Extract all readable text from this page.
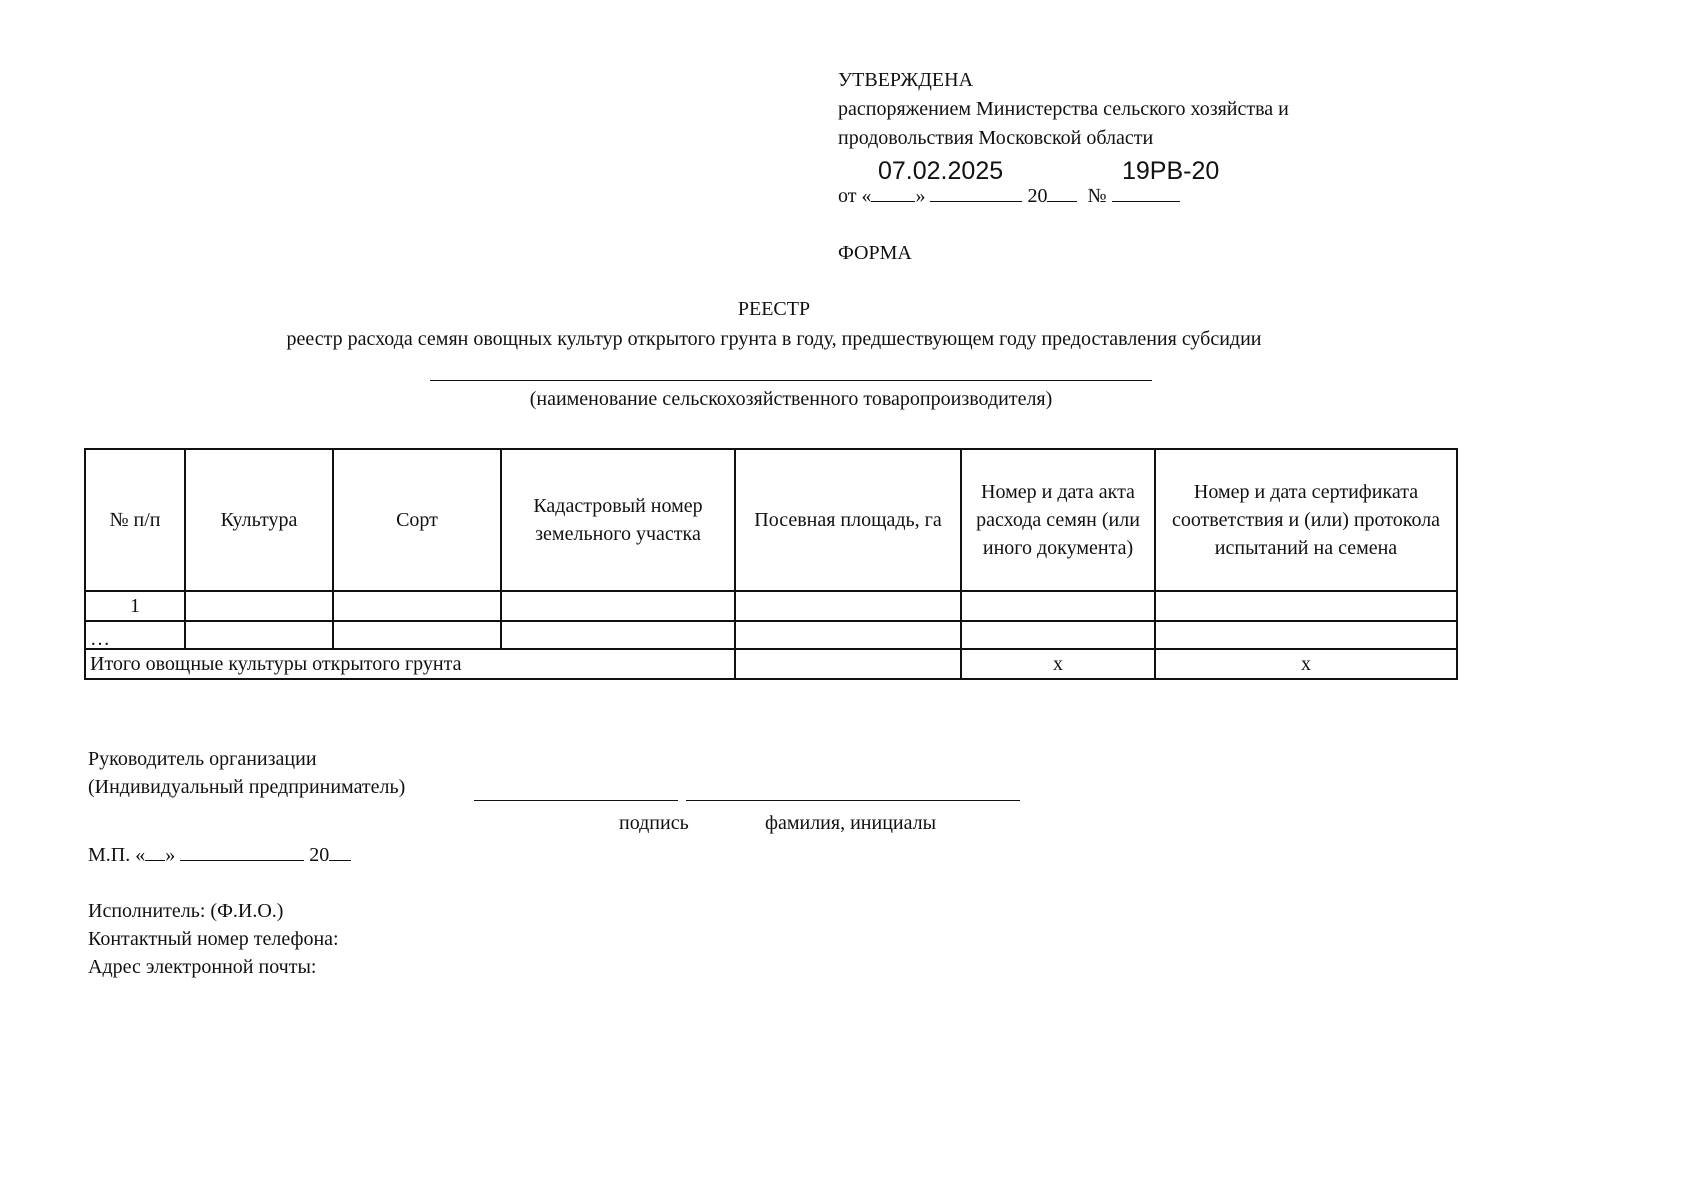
УТВЕРЖДЕНА
распоряжением Министерства сельского хозяйства и
продовольствия Московской области
07.02.2025	19РВ-20
от « »	20 №
ФОРМА
РЕЕСТР
реестр расхода семян овощных культур открытого грунта в году, предшествующем году предоставления субсидии
(наименование сельскохозяйственного товаропроизводителя)
№ п/п	Культура	Сорт	Кадастровый номер земельного участка	Посевная площадь, га	Номер и дата акта расхода семян (или иного документа)	Номер и дата сертификата соответствия и (или) протокола испытаний на семена
1						
…						
Итого овощные культуры открытого грунта					x	x
Руководитель организации
(Индивидуальный предприниматель)
подпись	фамилия, инициалы
М.П. « »	20
Исполнитель: (Ф.И.О.)
Контактный номер телефона:
Адрес электронной почты:
